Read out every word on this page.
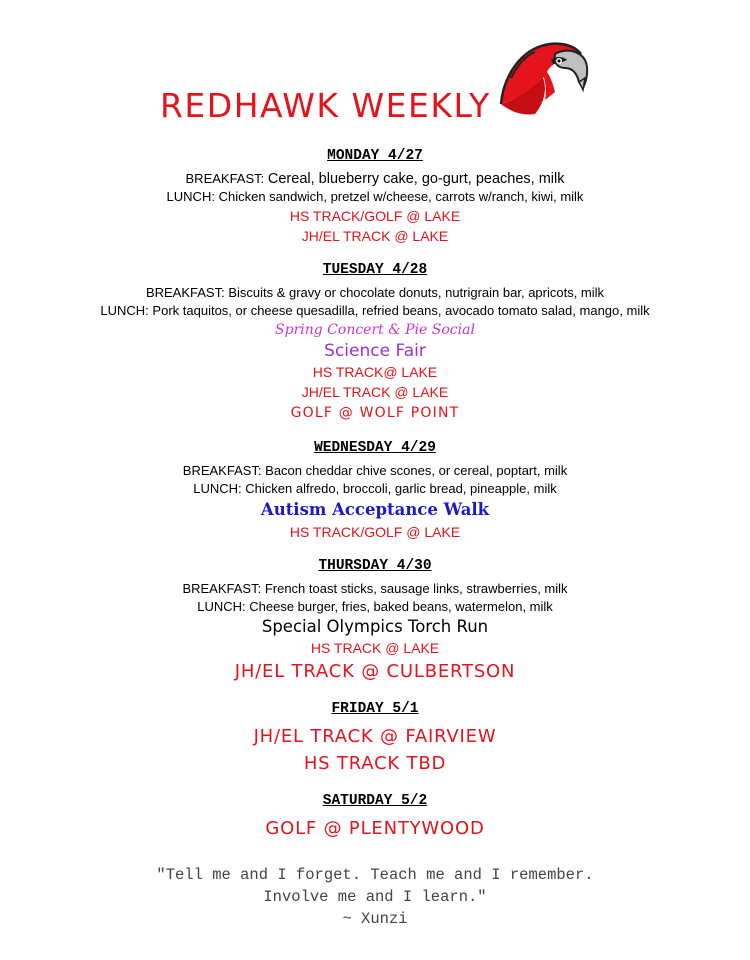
REDHAWK WEEKLY
MONDAY 4/27
BREAKFAST: Cereal, blueberry cake, go-gurt, peaches, milk
LUNCH: Chicken sandwich, pretzel w/cheese, carrots w/ranch, kiwi, milk
HS TRACK/GOLF @ LAKE
JH/EL TRACK @ LAKE
TUESDAY 4/28
BREAKFAST: Biscuits & gravy or chocolate donuts, nutrigrain bar, apricots, milk
LUNCH: Pork taquitos, or cheese quesadilla, refried beans, avocado tomato salad, mango, milk
Spring Concert & Pie Social
Science Fair
HS TRACK@ LAKE
JH/EL TRACK @ LAKE
GOLF @ WOLF POINT
WEDNESDAY 4/29
BREAKFAST: Bacon cheddar chive scones, or cereal, poptart, milk
LUNCH: Chicken alfredo, broccoli, garlic bread, pineapple, milk
Autism Acceptance Walk
HS TRACK/GOLF @ LAKE
THURSDAY 4/30
BREAKFAST: French toast sticks, sausage links, strawberries, milk
LUNCH: Cheese burger, fries, baked beans, watermelon, milk
Special Olympics Torch Run
HS TRACK @ LAKE
JH/EL TRACK @ CULBERTSON
FRIDAY 5/1
JH/EL TRACK @ FAIRVIEW
HS TRACK TBD
SATURDAY 5/2
GOLF @ PLENTYWOOD
"Tell me and I forget. Teach me and I remember.
Involve me and I learn."
~ Xunzi
